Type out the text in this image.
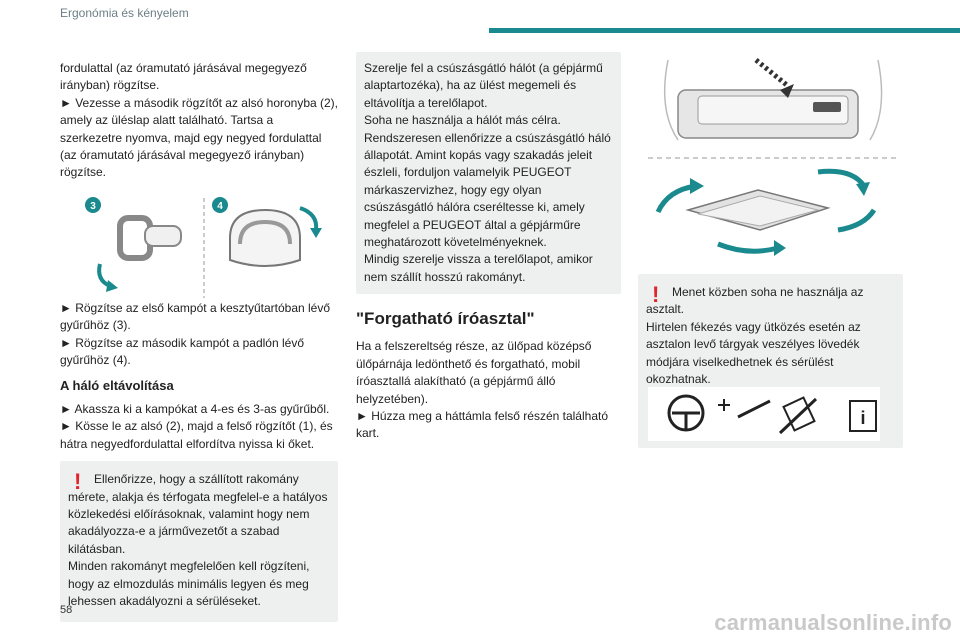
Ergonómia és kényelem

fordulattal (az óramutató járásával megegyező irányban) rögzítse.

► Vezesse a második rögzítőt az alsó horonyba (2), amely az üléslap alatt található. Tartsa a szerkezetre nyomva, majd egy negyed fordulattal (az óramutató járásával megegyező irányban) rögzítse.

3	4

► Rögzítse az első kampót a kesztyűtartóban lévő gyűrűhöz (3).

► Rögzítse az második kampót a padlón lévő gyűrűhöz (4).

A háló eltávolítása

► Akassza ki a kampókat a 4-es és 3-as gyűrűből.

► Kösse le az alsó (2), majd a felső rögzítőt (1), és hátra negyedfordulattal elfordítva nyissa ki őket.

!	Ellenőrizze, hogy a szállított rakomány mérete, alakja és térfogata megfelel-e a hatályos közlekedési előírásoknak, valamint hogy nem akadályozza-e a járművezetőt a szabad kilátásban.

Minden rakományt megfelelően kell rögzíteni, hogy az elmozdulás minimális legyen és meg lehessen akadályozni a sérüléseket.

Szerelje fel a csúszásgátló hálót (a gépjármű alaptartozéka), ha az ülést megemeli és eltávolítja a terelőlapot.

Soha ne használja a hálót más célra.

Rendszeresen ellenőrizze a csúszásgátló háló állapotát. Amint kopás vagy szakadás jeleit észleli, forduljon valamelyik PEUGEOT márkaszervizhez, hogy egy olyan csúszásgátló hálóra cseréltesse ki, amely megfelel a PEUGEOT által a gépjárműre meghatározott követelményeknek.

Mindig szerelje vissza a terelőlapot, amikor nem szállít hosszú rakományt.

"Forgatható íróasztal"

Ha a felszereltség része, az ülőpad középső ülőpárnája ledönthető és forgatható, mobil íróasztallá alakítható (a gépjármű álló helyzetében).

► Húzza meg a háttámla felső részén található kart.

!	Menet közben soha ne használja az asztalt.

Hirtelen fékezés vagy ütközés esetén az asztalon levő tárgyak veszélyes lövedék módjára viselkedhetnek és sérülést okozhatnak.

i
58	carmanualsonline.info
